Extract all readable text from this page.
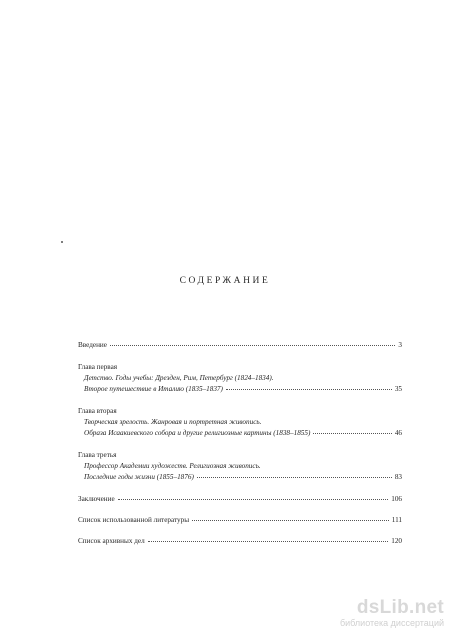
СОДЕРЖАНИЕ
Введение	3
Глава первая
Детство. Годы учебы: Дрезден, Рим, Петербург (1824–1834).
Второе путешествие в Италию (1835–1837)	35
Глава вторая
Творческая зрелость. Жанровая и портретная живопись.
Образа Исаакиевского собора и другие религиозные картины (1838–1855)	46
Глава третья
Профессор Академии художеств. Религиозная живопись.
Последние годы жизни (1855–1876)	83
Заключение	106
Список использованной литературы	111
Список архивных дел	120
dsLib.net
библиотека диссертаций
